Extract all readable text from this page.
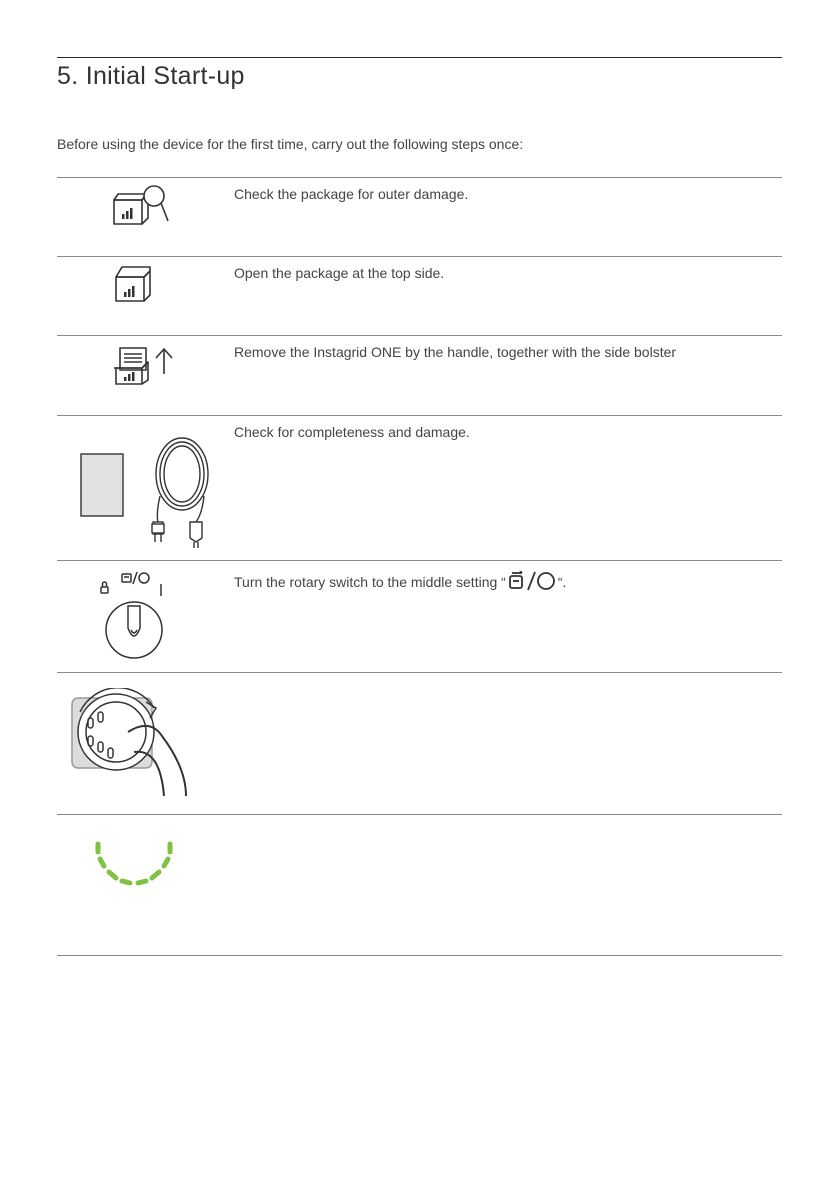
5. Initial Start-up

Before using the device for the first time, carry out the following steps once:

Check the package for outer damage.

Open the package at the top side.

Remove the Instagrid ONE by the handle, together with the side bolster

Check for completeness and damage.

Turn the rotary switch to the middle setting “	“.
